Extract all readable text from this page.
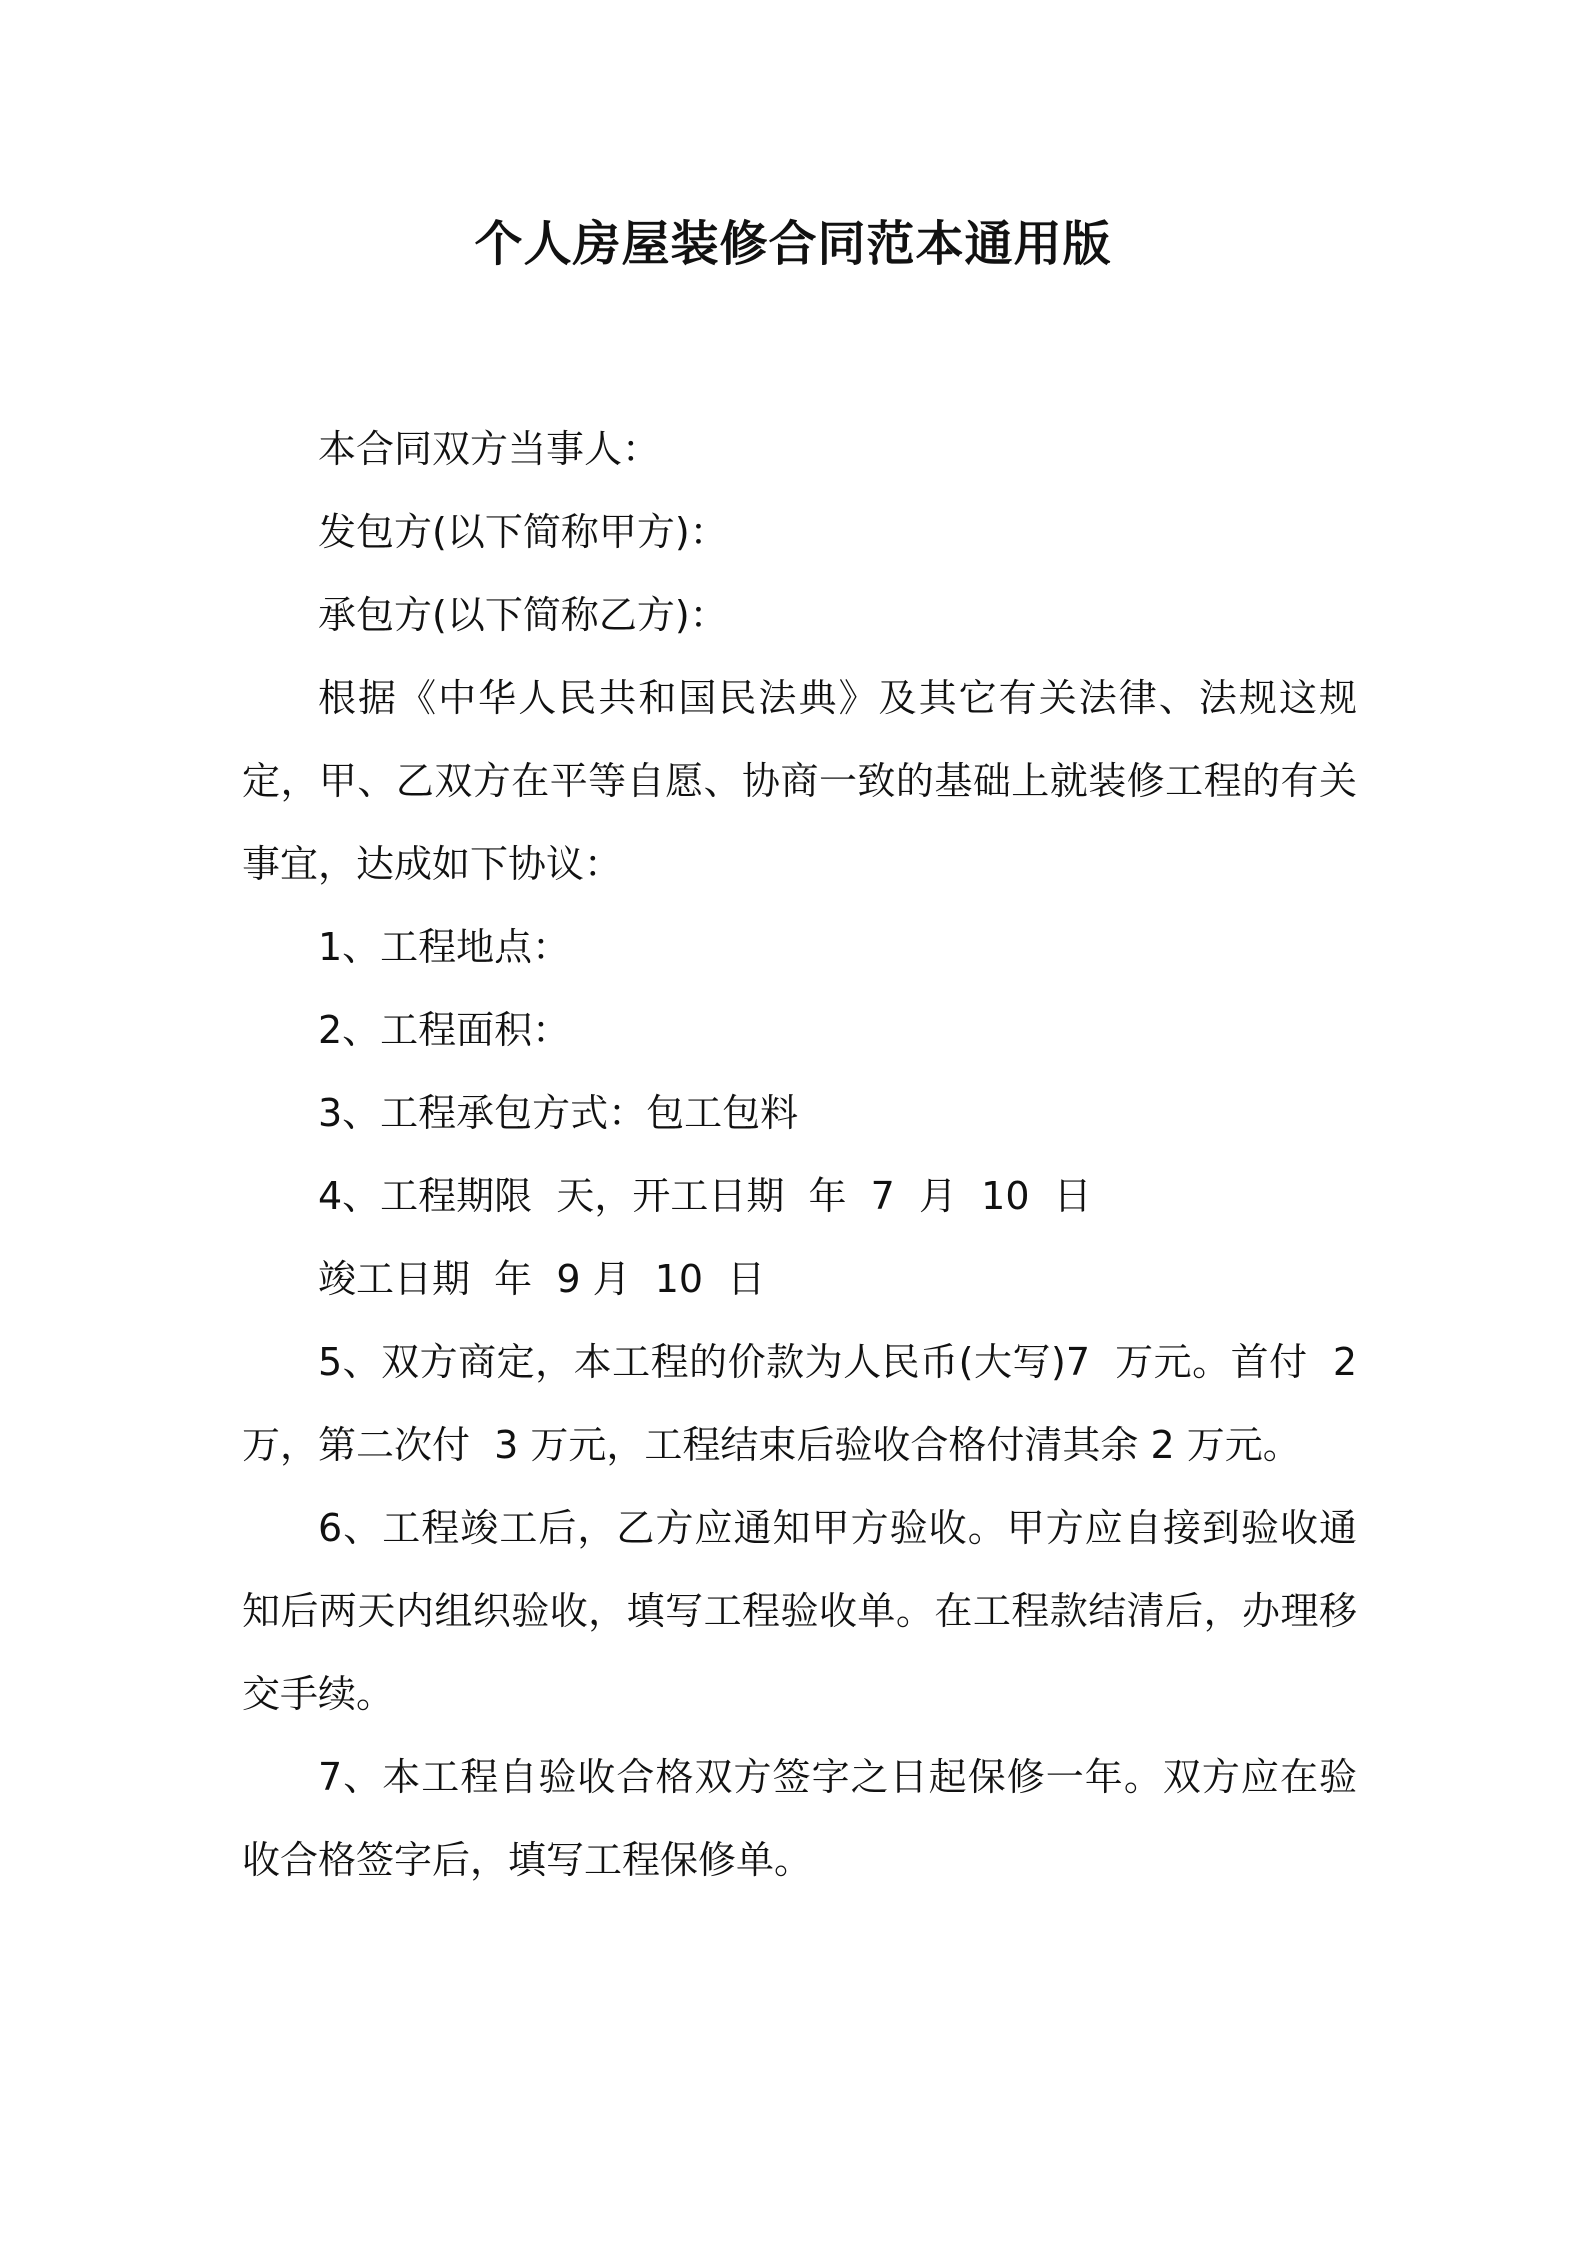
个人房屋装修合同范本通用版

本合同双方当事人：

发包方(以下简称甲方)：

承包方(以下简称乙方)：

根据《中华人民共和国民法典》及其它有关法律、法规这规定，甲、乙双方在平等自愿、协商一致的基础上就装修工程的有关事宜，达成如下协议：

1、工程地点：

2、工程面积：

3、工程承包方式：包工包料

4、工程期限  天，开工日期  年  7  月  10  日

竣工日期  年  9 月  10  日

5、双方商定，本工程的价款为人民币(大写)7  万元。首付  2 万，第二次付  3 万元，工程结束后验收合格付清其余 2 万元。

6、工程竣工后，乙方应通知甲方验收。甲方应自接到验收通知后两天内组织验收，填写工程验收单。在工程款结清后，办理移交手续。

7、本工程自验收合格双方签字之日起保修一年。双方应在验收合格签字后，填写工程保修单。
